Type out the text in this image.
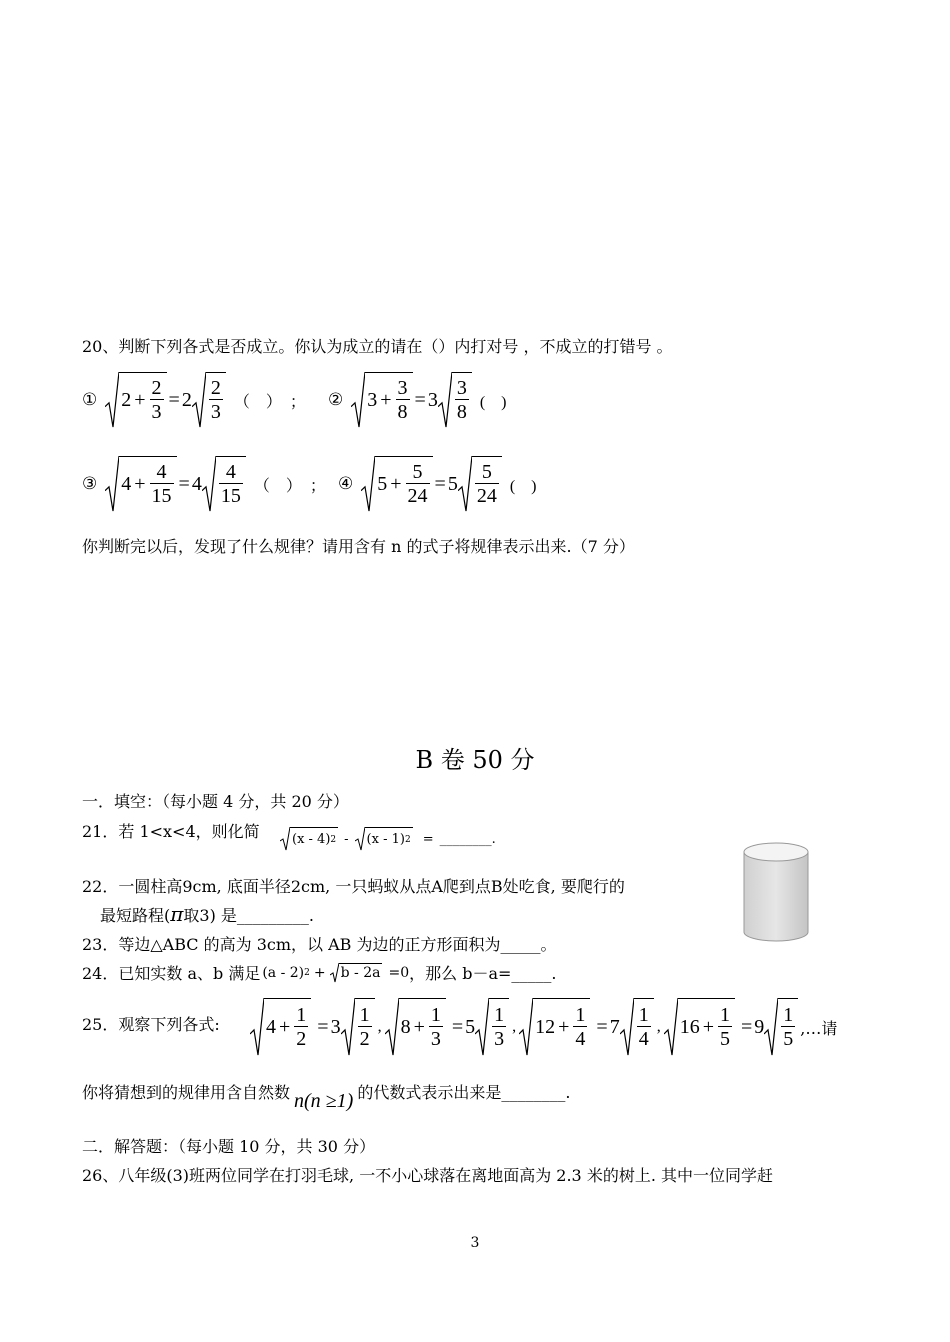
20、判断下列各式是否成立。你认为成立的请在（）内打对号 ，不成立的打错号 。
① $2 + \frac{2}{3} = 2 \frac{2}{3}$ （　） ； ② $3 + \frac{3}{8} = 3 \frac{3}{8}$ (　)
③ $4 + \frac{4}{15} = 4 \frac{4}{15}$ （　） ； ④ $5 + \frac{5}{24} = 5 \frac{5}{24}$ (　)
你判断完以后，发现了什么规律？请用含有 n 的式子将规律表示出来.（7 分）
B 卷 50 分
一．填空：（每小题 4 分，共 20 分）
21．若 1<x<4，则化简 (x - 4) 2 - (x - 1) 2 = ________.
22．一圆柱高9cm, 底面半径2cm, 一只蚂蚁从点A爬到点B处吃食, 要爬行的
最短路程(π取3) 是_________.
23．等边△ABC 的高为 3cm，以 AB 为边的正方形面积为_____。
24．已知实数 a、b 满足 (a - 2) 2 + b - 2a =0 ，那么 b－a=_____.
25．观察下列各式: $4 + \frac{1}{2} = 3 \frac{1}{2}$ , $8 + \frac{1}{3} = 5 \frac{1}{3}$ , $12 + \frac{1}{4} = 7 \frac{1}{4}$ , $16 + \frac{1}{5} = 9 \frac{1}{5}$ ,…请
你将猜想到的规律用含自然数 n(n ≥1) 的代数式表示出来是________.
二．解答题：（每小题 10 分，共 30 分）
26、八年级(3)班两位同学在打羽毛球, 一不小心球落在离地面高为 2.3 米的树上. 其中一位同学赶
3
